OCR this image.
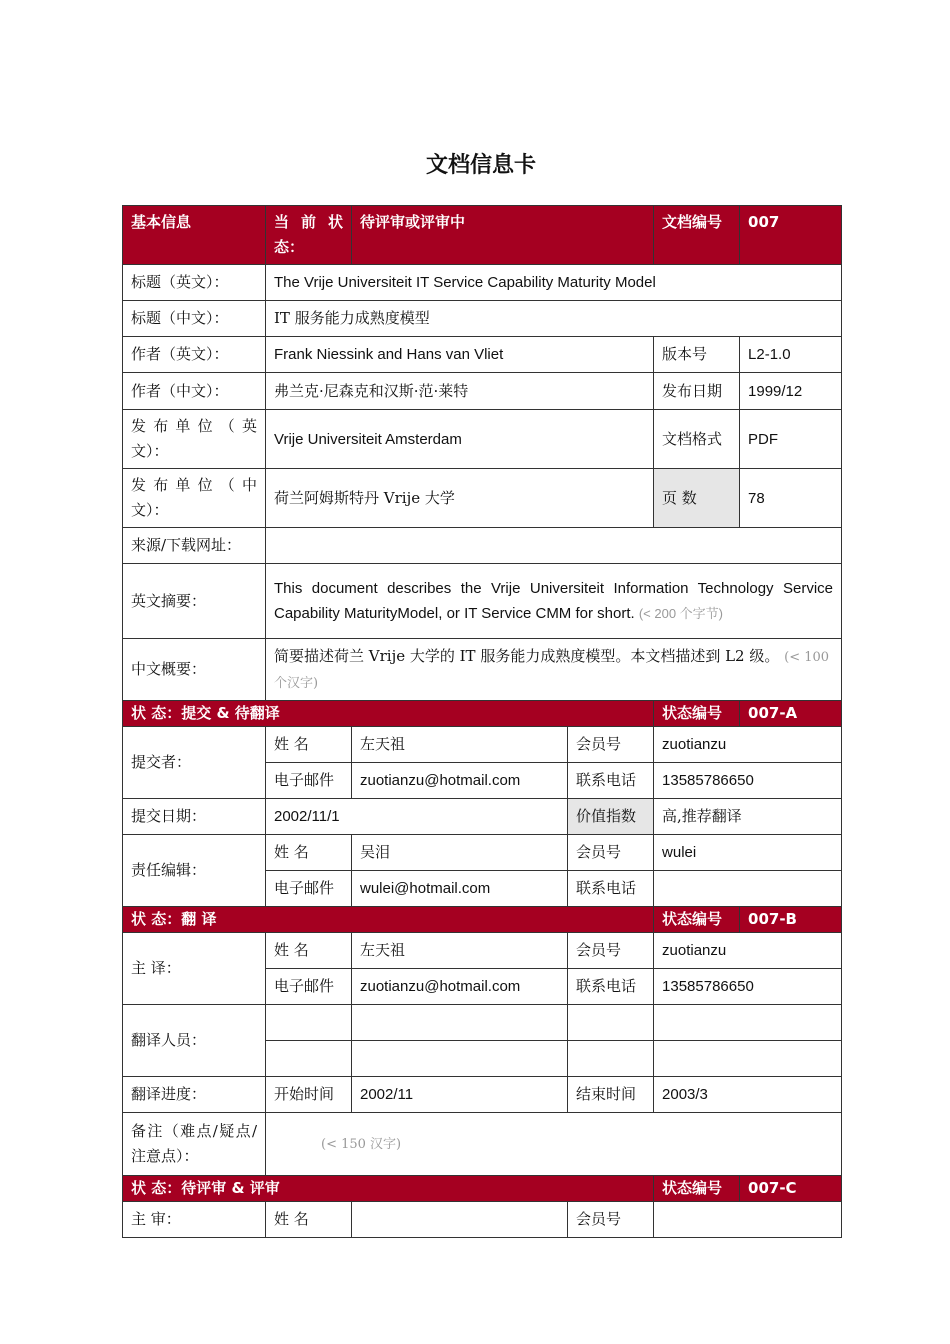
文档信息卡
基本信息	当 前 状 态：	待评审或评审中		文档编号	007
标题（英文）：	The Vrije Universiteit IT Service Capability Maturity Model				
标题（中文）：	IT 服务能力成熟度模型				
作者（英文）：	Frank Niessink and Hans van Vliet			版本号	L2-1.0
作者（中文）：	弗兰克·尼森克和汉斯·范·莱特			发布日期	1999/12
发 布 单 位 （ 英 文）：	Vrije Universiteit Amsterdam			文档格式	PDF
发 布 单 位 （ 中 文）：	荷兰阿姆斯特丹 Vrije 大学			页 数	78
来源/下载网址：					
英文摘要：	This document describes the Vrije Universiteit Information Technology Service Capability MaturityModel, or IT Service CMM for short. (< 200 个字节)				
中文概要：	简要描述荷兰 Vrije 大学的 IT 服务能力成熟度模型。本文档描述到 L2 级。 (< 100 个汉字)				
状 态：提交 & 待翻译				状态编号	007-A
提交者：	姓 名	左天祖	会员号	zuotianzu	
	电子邮件	zuotianzu@hotmail.com	联系电话	13585786650	
提交日期：	2002/11/1		价值指数	高,推荐翻译	
责任编辑：	姓 名	吴泪	会员号	wulei	
	电子邮件	wulei@hotmail.com	联系电话		
状 态：翻 译				状态编号	007-B
主 译：	姓 名	左天祖	会员号	zuotianzu	
	电子邮件	zuotianzu@hotmail.com	联系电话	13585786650	
翻译人员：					

翻译进度：	开始时间	2002/11	结束时间	2003/3	
备注（难点/疑点/注意点）：	(< 150 汉字)				
状 态：待评审 & 评审				状态编号	007-C
主 审：	姓 名		会员号		
